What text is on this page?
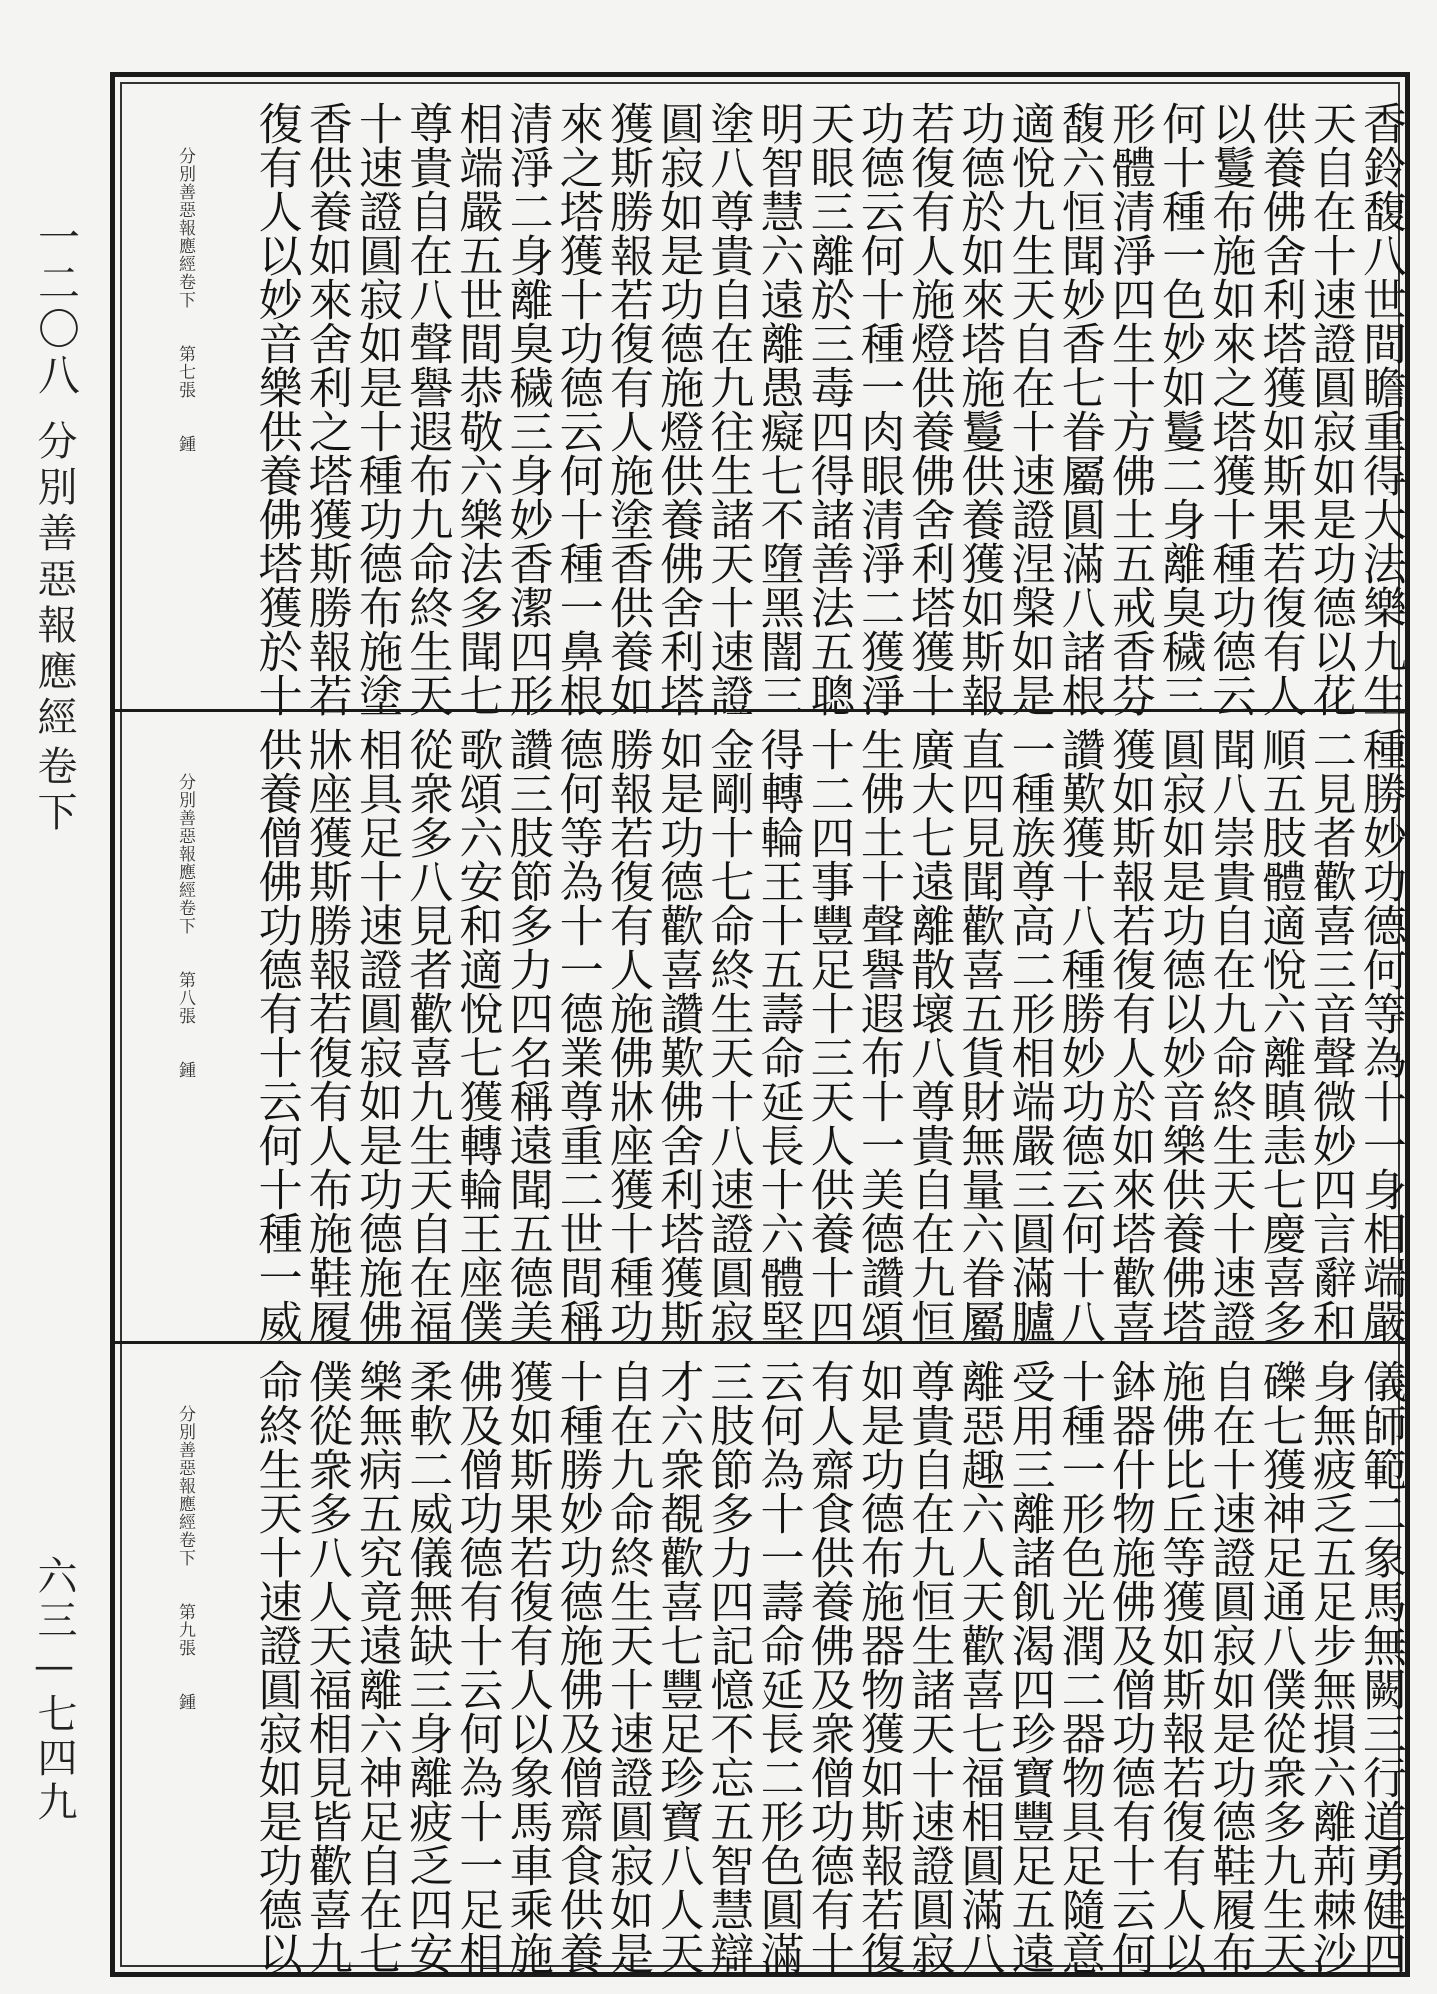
一二〇八
分別善惡報應經
卷下
六三—七四九
香鈴馥八世間瞻重得大法樂九生
天自在十速證圓寂如是功德以花
供養佛舍利塔獲如斯果若復有人
以鬘布施如來之塔獲十種功德云
何十種一色妙如鬘二身離臭穢三
形體清淨四生十方佛土五戒香芬
馥六恒聞妙香七眷屬圓滿八諸根
適悅九生天自在十速證涅槃如是
功德於如來塔施鬘供養獲如斯報
若復有人施燈供養佛舍利塔獲十
功德云何十種一肉眼清淨二獲淨
天眼三離於三毒四得諸善法五聰
明智慧六遠離愚癡七不墮黑闇三
塗八尊貴自在九往生諸天十速證
圓寂如是功德施燈供養佛舍利塔
獲斯勝報若復有人施塗香供養如
來之塔獲十功德云何十種一鼻根
清淨二身離臭穢三身妙香潔四形
相端嚴五世間恭敬六樂法多聞七
尊貴自在八聲譽遐布九命終生天
十速證圓寂如是十種功德布施塗
香供養如來舍利之塔獲斯勝報若
復有人以妙音樂供養佛塔獲於十
分別善惡報應經卷下　　第七張　　鍾
種勝妙功德何等為十一身相端嚴
二見者歡喜三音聲微妙四言辭和
順五肢體適悅六離瞋恚七慶喜多
聞八崇貴自在九命終生天十速證
圓寂如是功德以妙音樂供養佛塔
獲如斯報若復有人於如來塔歡喜
讚歎獲十八種勝妙功德云何十八
一種族尊高二形相端嚴三圓滿臚
直四見聞歡喜五貨財無量六眷屬
廣大七遠離散壞八尊貴自在九恒
生佛土十聲譽遐布十一美德讚頌
十二四事豐足十三天人供養十四
得轉輪王十五壽命延長十六體堅
金剛十七命終生天十八速證圓寂
如是功德歡喜讚歎佛舍利塔獲斯
勝報若復有人施佛牀座獲十種功
德何等為十一德業尊重二世間稱
讚三肢節多力四名稱遠聞五德美
歌頌六安和適悅七獲轉輪王座僕
從衆多八見者歡喜九生天自在福
相具足十速證圓寂如是功德施佛
牀座獲斯勝報若復有人布施鞋履
供養僧佛功德有十云何十種一威
分別善惡報應經卷下　　第八張　　鍾
儀師範二象馬無闕三行道勇健四
身無疲乏五足步無損六離荊棘沙
礫七獲神足通八僕從衆多九生天
自在十速證圓寂如是功德鞋履布
施佛比丘等獲如斯報若復有人以
鉢器什物施佛及僧功德有十云何
十種一形色光潤二器物具足隨意
受用三離諸飢渴四珍寶豐足五遠
離惡趣六人天歡喜七福相圓滿八
尊貴自在九恒生諸天十速證圓寂
如是功德布施器物獲如斯報若復
有人齋食供養佛及衆僧功德有十
云何為十一壽命延長二形色圓滿
三肢節多力四記憶不忘五智慧辯
才六衆覩歡喜七豐足珍寶八人天
自在九命終生天十速證圓寂如是
十種勝妙功德施佛及僧齋食供養
獲如斯果若復有人以象馬車乘施
佛及僧功德有十云何為十一足相
柔軟二威儀無缺三身離疲乏四安
樂無病五究竟遠離六神足自在七
僕從衆多八人天福相見皆歡喜九
命終生天十速證圓寂如是功德以
分別善惡報應經卷下　　第九張　　鍾
